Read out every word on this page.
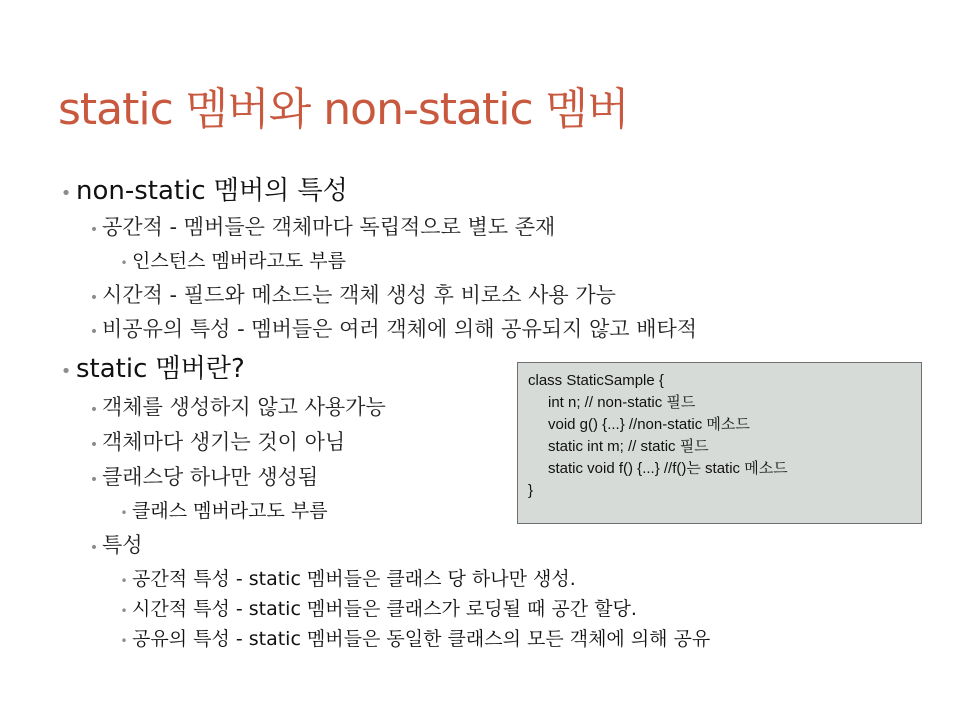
static 멤버와 non-static 멤버
• non-static 멤버의 특성
• 공간적 - 멤버들은 객체마다 독립적으로 별도 존재
• 인스턴스 멤버라고도 부름
• 시간적 - 필드와 메소드는 객체 생성 후 비로소 사용 가능
• 비공유의 특성 - 멤버들은 여러 객체에 의해 공유되지 않고 배타적
• static 멤버란?
• 객체를 생성하지 않고 사용가능
• 객체마다 생기는 것이 아님
• 클래스당 하나만 생성됨
• 클래스 멤버라고도 부름
• 특성
• 공간적 특성 - static 멤버들은 클래스 당 하나만 생성.
• 시간적 특성 - static 멤버들은 클래스가 로딩될 때 공간 할당.
• 공유의 특성 - static 멤버들은 동일한 클래스의 모든 객체에 의해 공유
class StaticSample {
int n; // non-static 필드
void g() {...} //non-static 메소드
static int m; // static 필드
static void f() {...} //f()는 static 메소드
}
